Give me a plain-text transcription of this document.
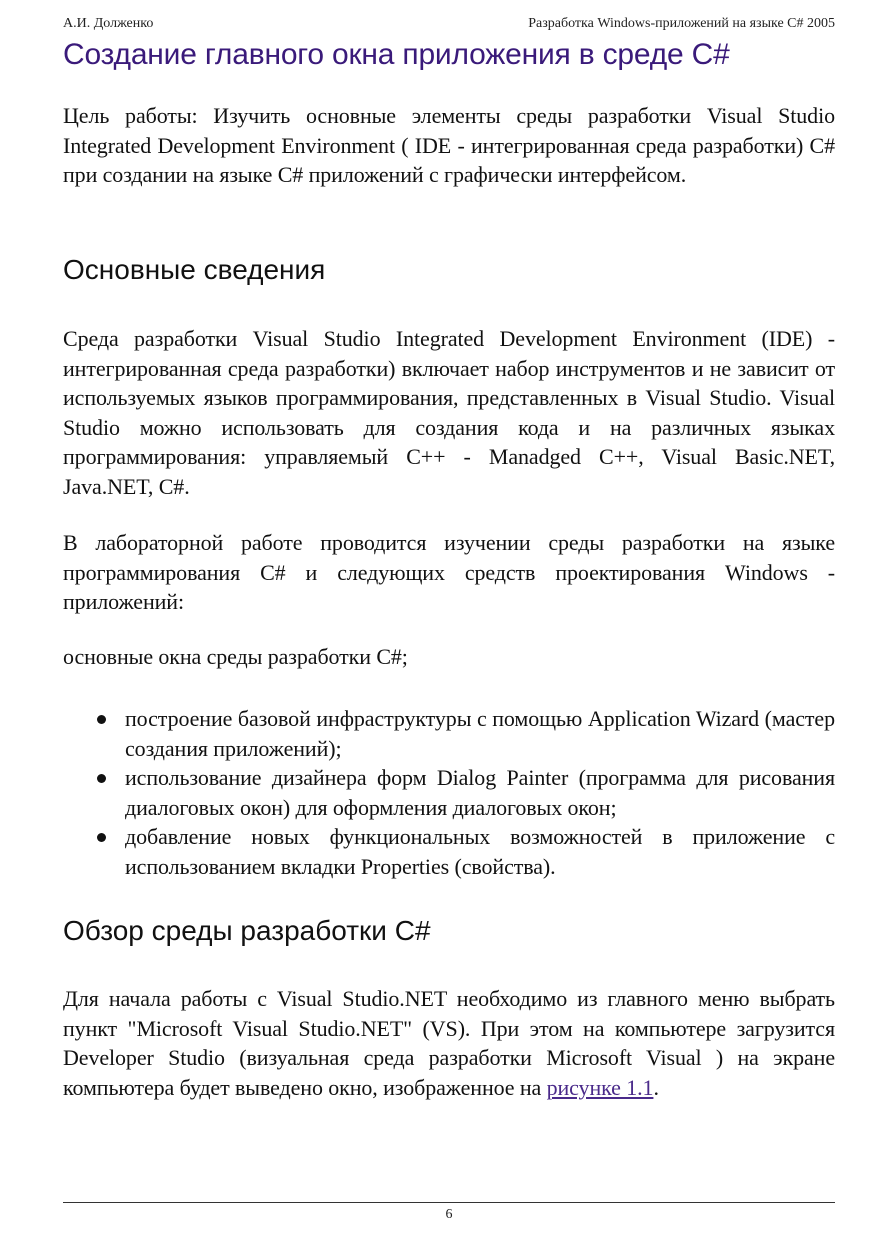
А.И. Долженко	Разработка Windows-приложений на языке C# 2005
Создание главного окна приложения в среде C#

Цель работы: Изучить основные элементы среды разработки Visual Studio Integrated Development Environment ( IDE - интегрированная среда разработки) C# при создании на языке C# приложений с графически интерфейсом.

Основные сведения

Среда разработки Visual Studio Integrated Development Environment (IDE) - интегрированная среда разработки) включает набор инструментов и не зависит от используемых языков программирования, представленных в Visual Studio. Visual Studio можно использовать для создания кода и на различных языках программирования: управляемый C++ - Manadged C++, Visual Basic.NET, Java.NET, C#.

В лабораторной работе проводится изучении среды разработки на языке программирования C# и следующих средств проектирования Windows - приложений:

основные окна среды разработки C#;

построение базовой инфраструктуры с помощью Application Wizard (мастер создания приложений);
использование дизайнера форм Dialog Painter (программа для рисования диалоговых окон) для оформления диалоговых окон;
добавление новых функциональных возможностей в приложение с использованием вкладки Properties (свойства).
Обзор среды разработки C#

Для начала работы с Visual Studio.NET необходимо из главного меню выбрать пункт "Microsoft Visual Studio.NET" (VS). При этом на компьютере загрузится Developer Studio (визуальная среда разработки Microsoft Visual ) на экране компьютера будет выведено окно, изображенное на рисунке 1.1.

6
